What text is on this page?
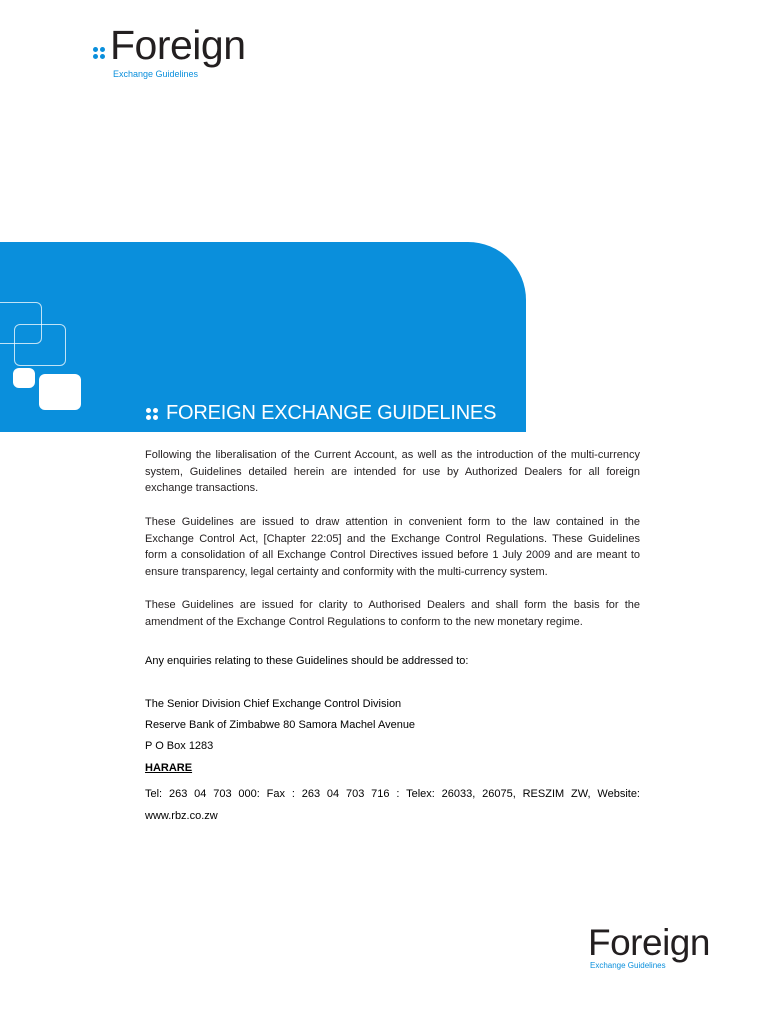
Foreign
Exchange Guidelines
FOREIGN EXCHANGE GUIDELINES

Following the liberalisation of the Current Account, as well as the introduction of the multi-currency system, Guidelines detailed herein are intended for use by Authorized Dealers for all foreign exchange transactions.

These Guidelines are issued to draw attention in convenient form to the law contained in the Exchange Control Act, [Chapter 22:05] and the Exchange Control Regulations. These Guidelines form a consolidation of all Exchange Control Directives issued before 1 July 2009 and are meant to ensure transparency, legal certainty and conformity with the multi-currency system.

These Guidelines are issued for clarity to Authorised Dealers and shall form the basis for the amendment of the Exchange Control Regulations to conform to the new monetary regime.

Any enquiries relating to these Guidelines should be addressed to:
The Senior Division Chief Exchange Control Division
Reserve Bank of Zimbabwe 80 Samora Machel Avenue
P O Box 1283
HARARE
Tel: 263 04 703 000: Fax : 263 04 703 716 : Telex: 26033, 26075, RESZIM ZW, Website: www.rbz.co.zw
Foreign
Exchange Guidelines
